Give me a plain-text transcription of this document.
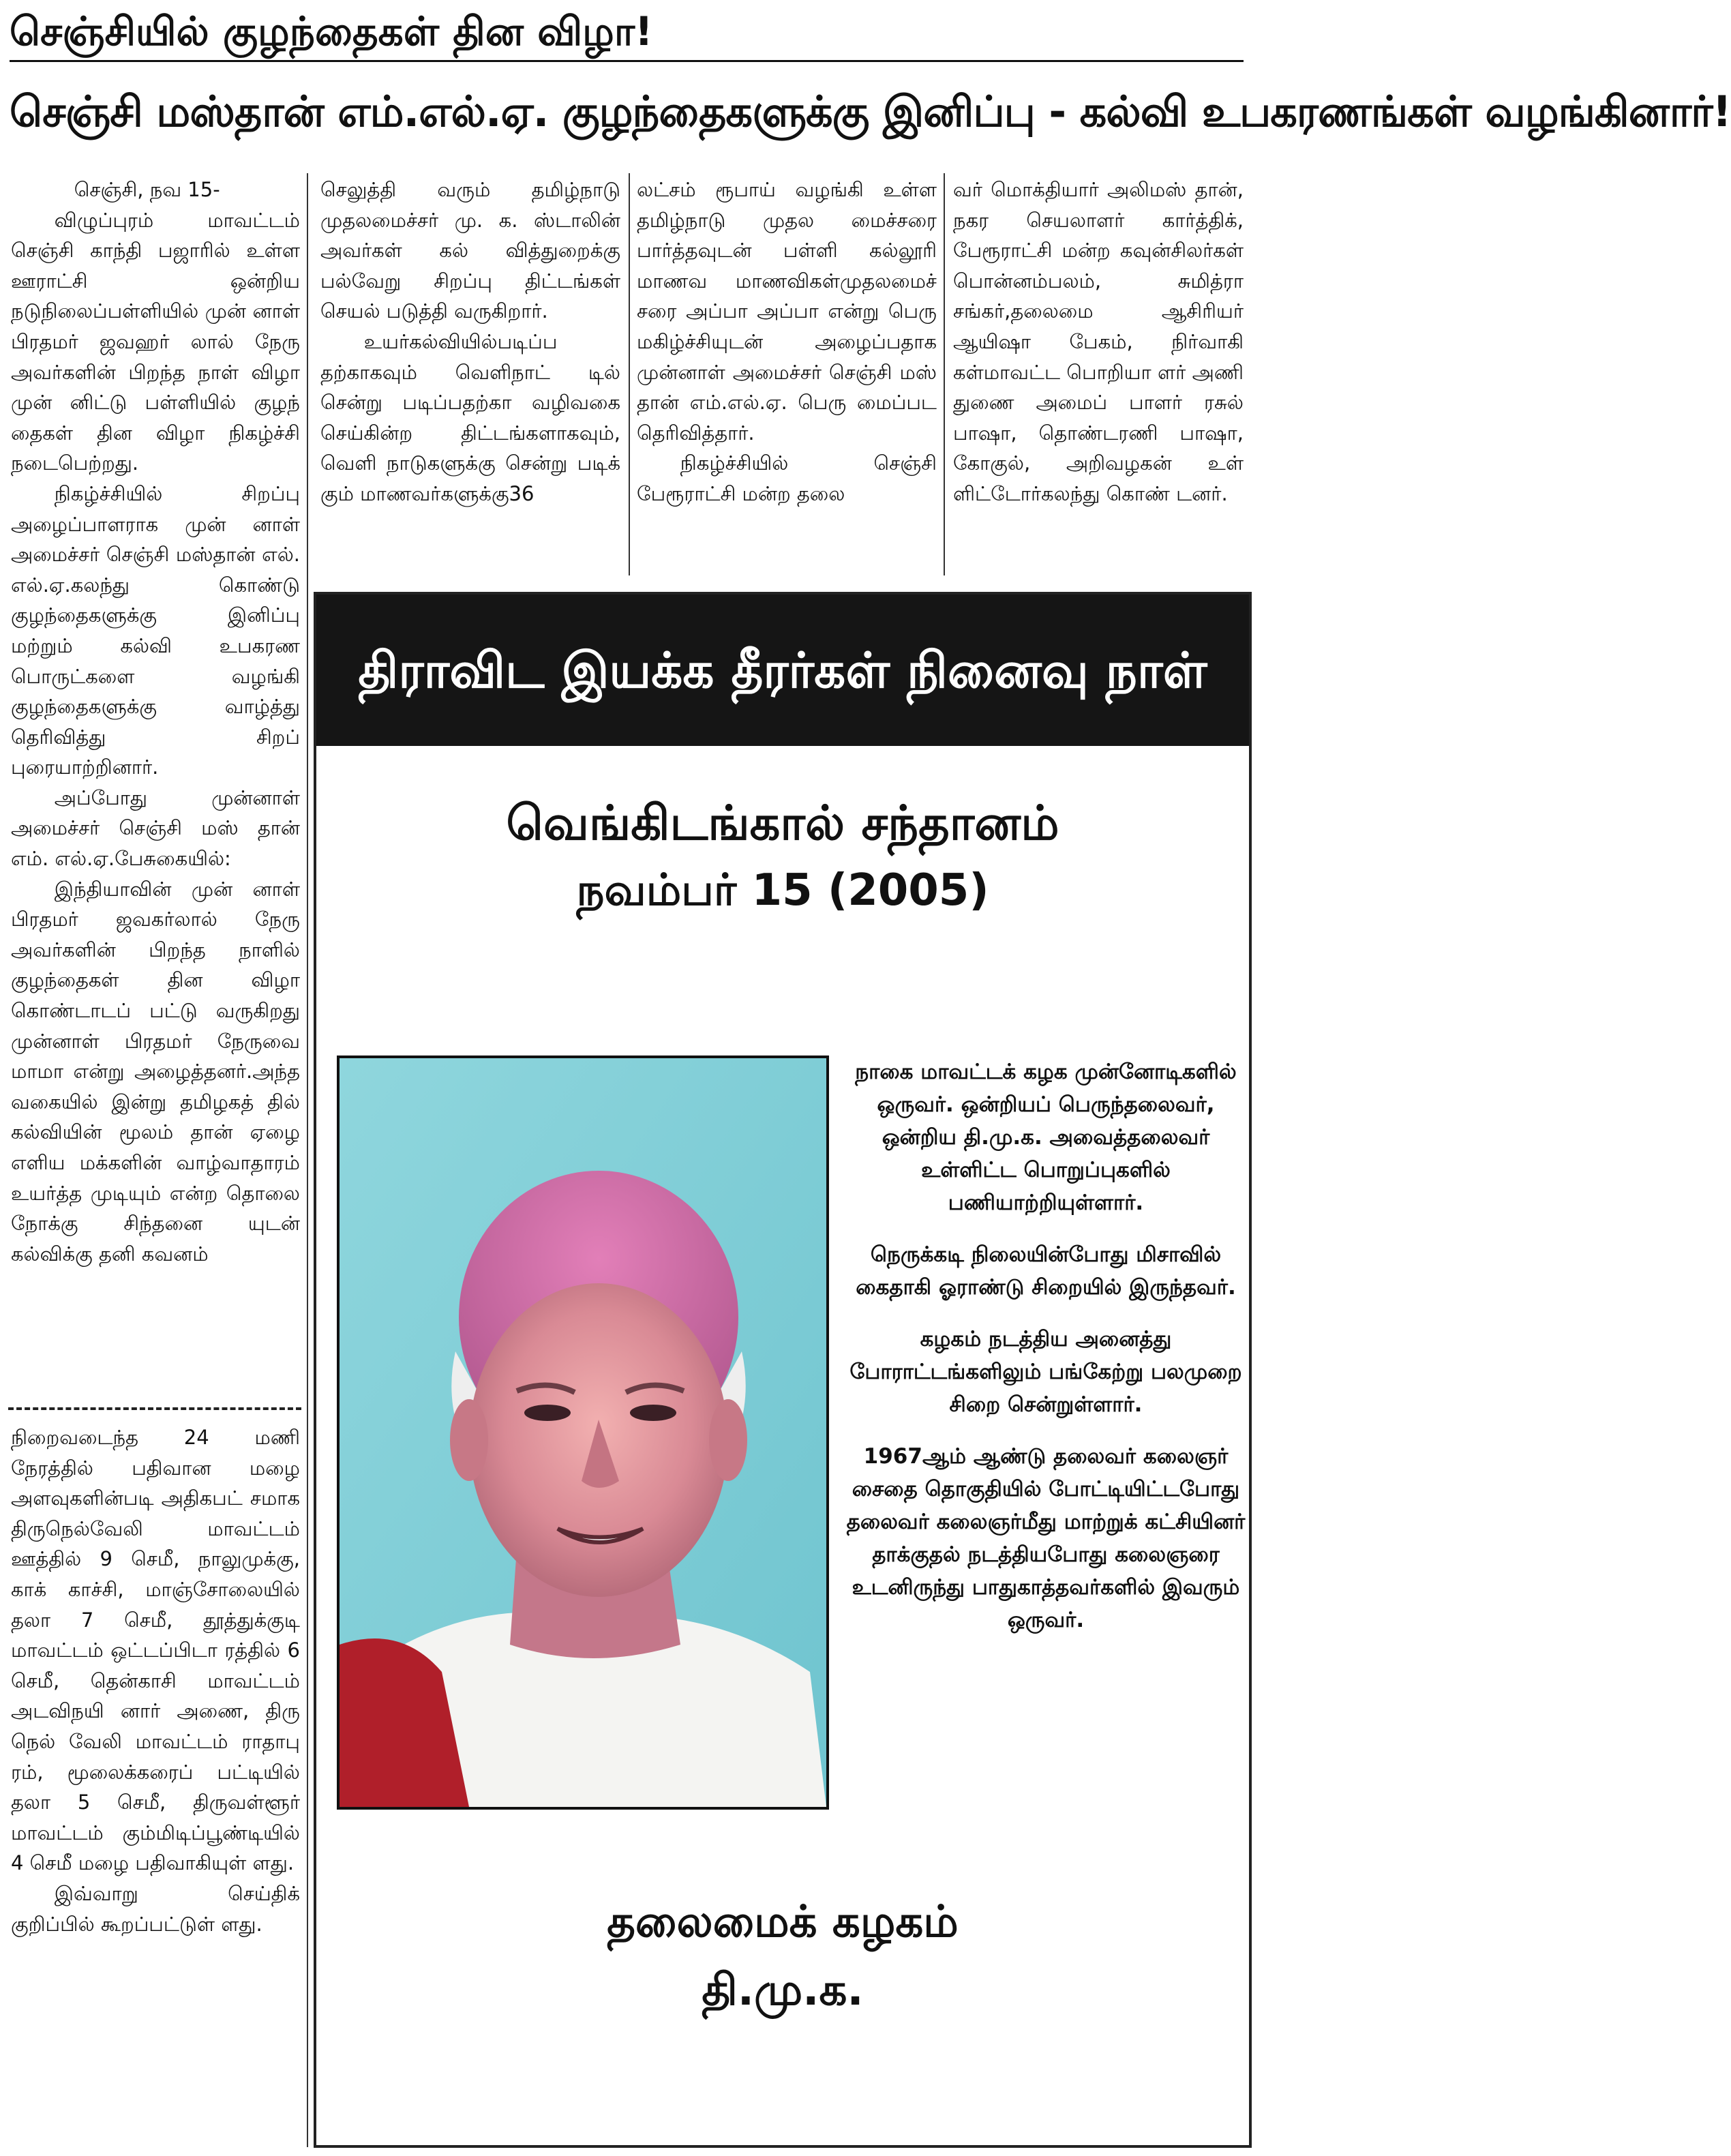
செஞ்சியில் குழந்தைகள் தின விழா!
செஞ்சி மஸ்தான் எம்.எல்.ஏ. குழந்தைகளுக்கு இனிப்பு - கல்வி உபகரணங்கள் வழங்கினார்!

செஞ்சி, நவ 15-

விழுப்புரம் மாவட்டம் செஞ்சி காந்தி பஜாரில் உள்ள ஊராட்சி ஒன்றிய நடுநிலைப்பள்ளியில் முன் னாள் பிரதமர் ஜவஹர் லால் நேரு அவர்களின் பிறந்த நாள் விழா முன் னிட்டு பள்ளியில் குழந் தைகள் தின விழா நிகழ்ச்சி நடைபெற்றது.

நிகழ்ச்சியில் சிறப்பு அழைப்பாளராக முன் னாள் அமைச்சர் செஞ்சி மஸ்தான் எல். எல்.ஏ.கலந்து கொண்டு குழந்தைகளுக்கு இனிப்பு மற்றும் கல்வி உபகரண பொருட்களை வழங்கி குழந்தைகளுக்கு வாழ்த்து தெரிவித்து சிறப் புரையாற்றினார்.

அப்போது முன்னாள் அமைச்சர் செஞ்சி மஸ் தான் எம். எல்.ஏ.பேசுகையில்:

இந்தியாவின் முன் னாள் பிரதமர் ஜவகர்லால் நேரு அவர்களின் பிறந்த நாளில் குழந்தைகள் தின விழா கொண்டாடப் பட்டு வருகிறது முன்னாள் பிரதமர் நேருவை மாமா என்று அழைத்தனர்.அந்த வகையில் இன்று தமிழகத் தில் கல்வியின் மூலம் தான் ஏழை எளிய மக்களின் வாழ்வாதாரம் உயர்த்த முடியும் என்ற தொலை நோக்கு சிந்தனை யுடன் கல்விக்கு தனி கவனம்

செலுத்தி வரும் தமிழ்நாடு முதலமைச்சர் மு. க. ஸ்டாலின் அவர்கள் கல் வித்துறைக்கு பல்வேறு சிறப்பு திட்டங்கள் செயல் படுத்தி வருகிறார்.

உயர்கல்வியில்படிப்ப தற்காகவும் வெளிநாட் டில் சென்று படிப்பதற்கா வழிவகை செய்கின்ற திட்டங்களாகவும், வெளி நாடுகளுக்கு சென்று படிக் கும் மாணவர்களுக்கு36

லட்சம் ரூபாய் வழங்கி உள்ள தமிழ்நாடு முதல மைச்சரை பார்த்தவுடன் பள்ளி கல்லூரி மாணவ மாணவிகள்முதலமைச் சரை அப்பா அப்பா என்று பெரு மகிழ்ச்சியுடன் அழைப்பதாக முன்னாள் அமைச்சர் செஞ்சி மஸ் தான் எம்.எல்.ஏ. பெரு மைப்பட தெரிவித்தார்.

நிகழ்ச்சியில் செஞ்சி பேரூராட்சி மன்ற தலை

வர் மொக்தியார் அலிமஸ் தான், நகர செயலாளர் கார்த்திக், பேரூராட்சி மன்ற கவுன்சிலர்கள் பொன்னம்பலம், சுமித்ரா சங்கர்,தலைமை ஆசிரியர் ஆயிஷா பேகம், நிர்வாகி கள்மாவட்ட பொறியா ளர் அணி துணை அமைப் பாளர் ரசுல் பாஷா, தொண்டரணி பாஷா, கோகுல், அறிவழகன் உள் ளிட்டோர்கலந்து கொண் டனர்.

நிறைவடைந்த 24 மணி நேரத்தில் பதிவான மழை அளவுகளின்படி அதிகபட் சமாக திருநெல்வேலி மாவட்டம் ஊத்தில் 9 செமீ, நாலுமுக்கு, காக் காச்சி, மாஞ்சோலையில் தலா 7 செமீ, தூத்துக்குடி மாவட்டம் ஒட்டப்பிடா ரத்தில் 6 செமீ, தென்காசி மாவட்டம் அடவிநயி னார் அணை, திரு நெல் வேலி மாவட்டம் ராதாபு ரம், மூலைக்கரைப் பட்டியில் தலா 5 செமீ, திருவள்ளூர் மாவட்டம் கும்மிடிப்பூண்டியில் 4 செமீ மழை பதிவாகியுள் ளது.

இவ்வாறு செய்திக் குறிப்பில் கூறப்பட்டுள் ளது.

திராவிட இயக்க தீரர்கள் நினைவு நாள்
வெங்கிடங்கால் சந்தானம்
நவம்பர் 15 (2005)

நாகை மாவட்டக் கழக முன்னோடிகளில் ஒருவர். ஒன்றியப் பெருந்தலைவர், ஒன்றிய தி.மு.க. அவைத்தலைவர் உள்ளிட்ட பொறுப்புகளில் பணியாற்றியுள்ளார்.

நெருக்கடி நிலையின்போது மிசாவில் கைதாகி ஓராண்டு சிறையில் இருந்தவர்.

கழகம் நடத்திய அனைத்து போராட்டங்களிலும் பங்கேற்று பலமுறை சிறை சென்றுள்ளார்.

1967ஆம் ஆண்டு தலைவர் கலைஞர் சைதை தொகுதியில் போட்டியிட்டபோது தலைவர் கலைஞர்மீது மாற்றுக் கட்சியினர் தாக்குதல் நடத்தியபோது கலைஞரை உடனிருந்து பாதுகாத்தவர்களில் இவரும் ஒருவர்.

தலைமைக் கழகம்
தி.மு.க.
